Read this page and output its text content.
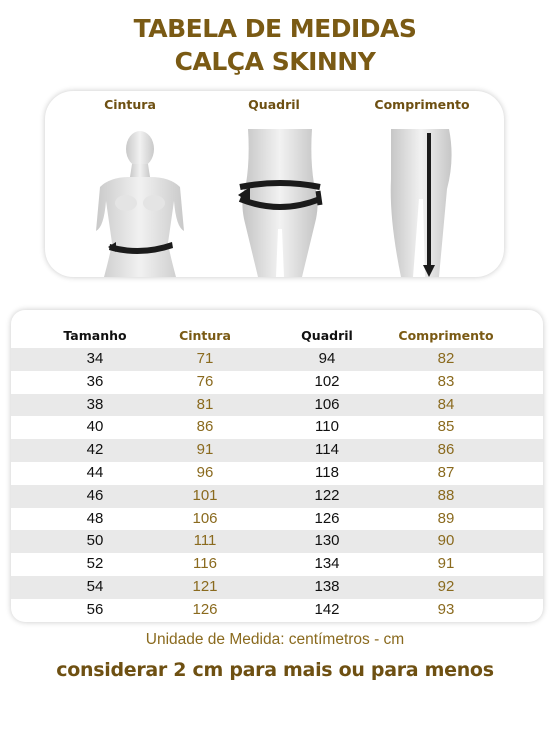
TABELA DE MEDIDAS
CALÇA SKINNY
Cintura	Quadril	Comprimento
Tamanho	Cintura	Quadril	Comprimento
34	71	94	82
36	76	102	83
38	81	106	84
40	86	110	85
42	91	114	86
44	96	118	87
46	101	122	88
48	106	126	89
50	111	130	90
52	116	134	91
54	121	138	92
56	126	142	93
Unidade de Medida: centímetros - cm
considerar 2 cm para mais ou para menos
